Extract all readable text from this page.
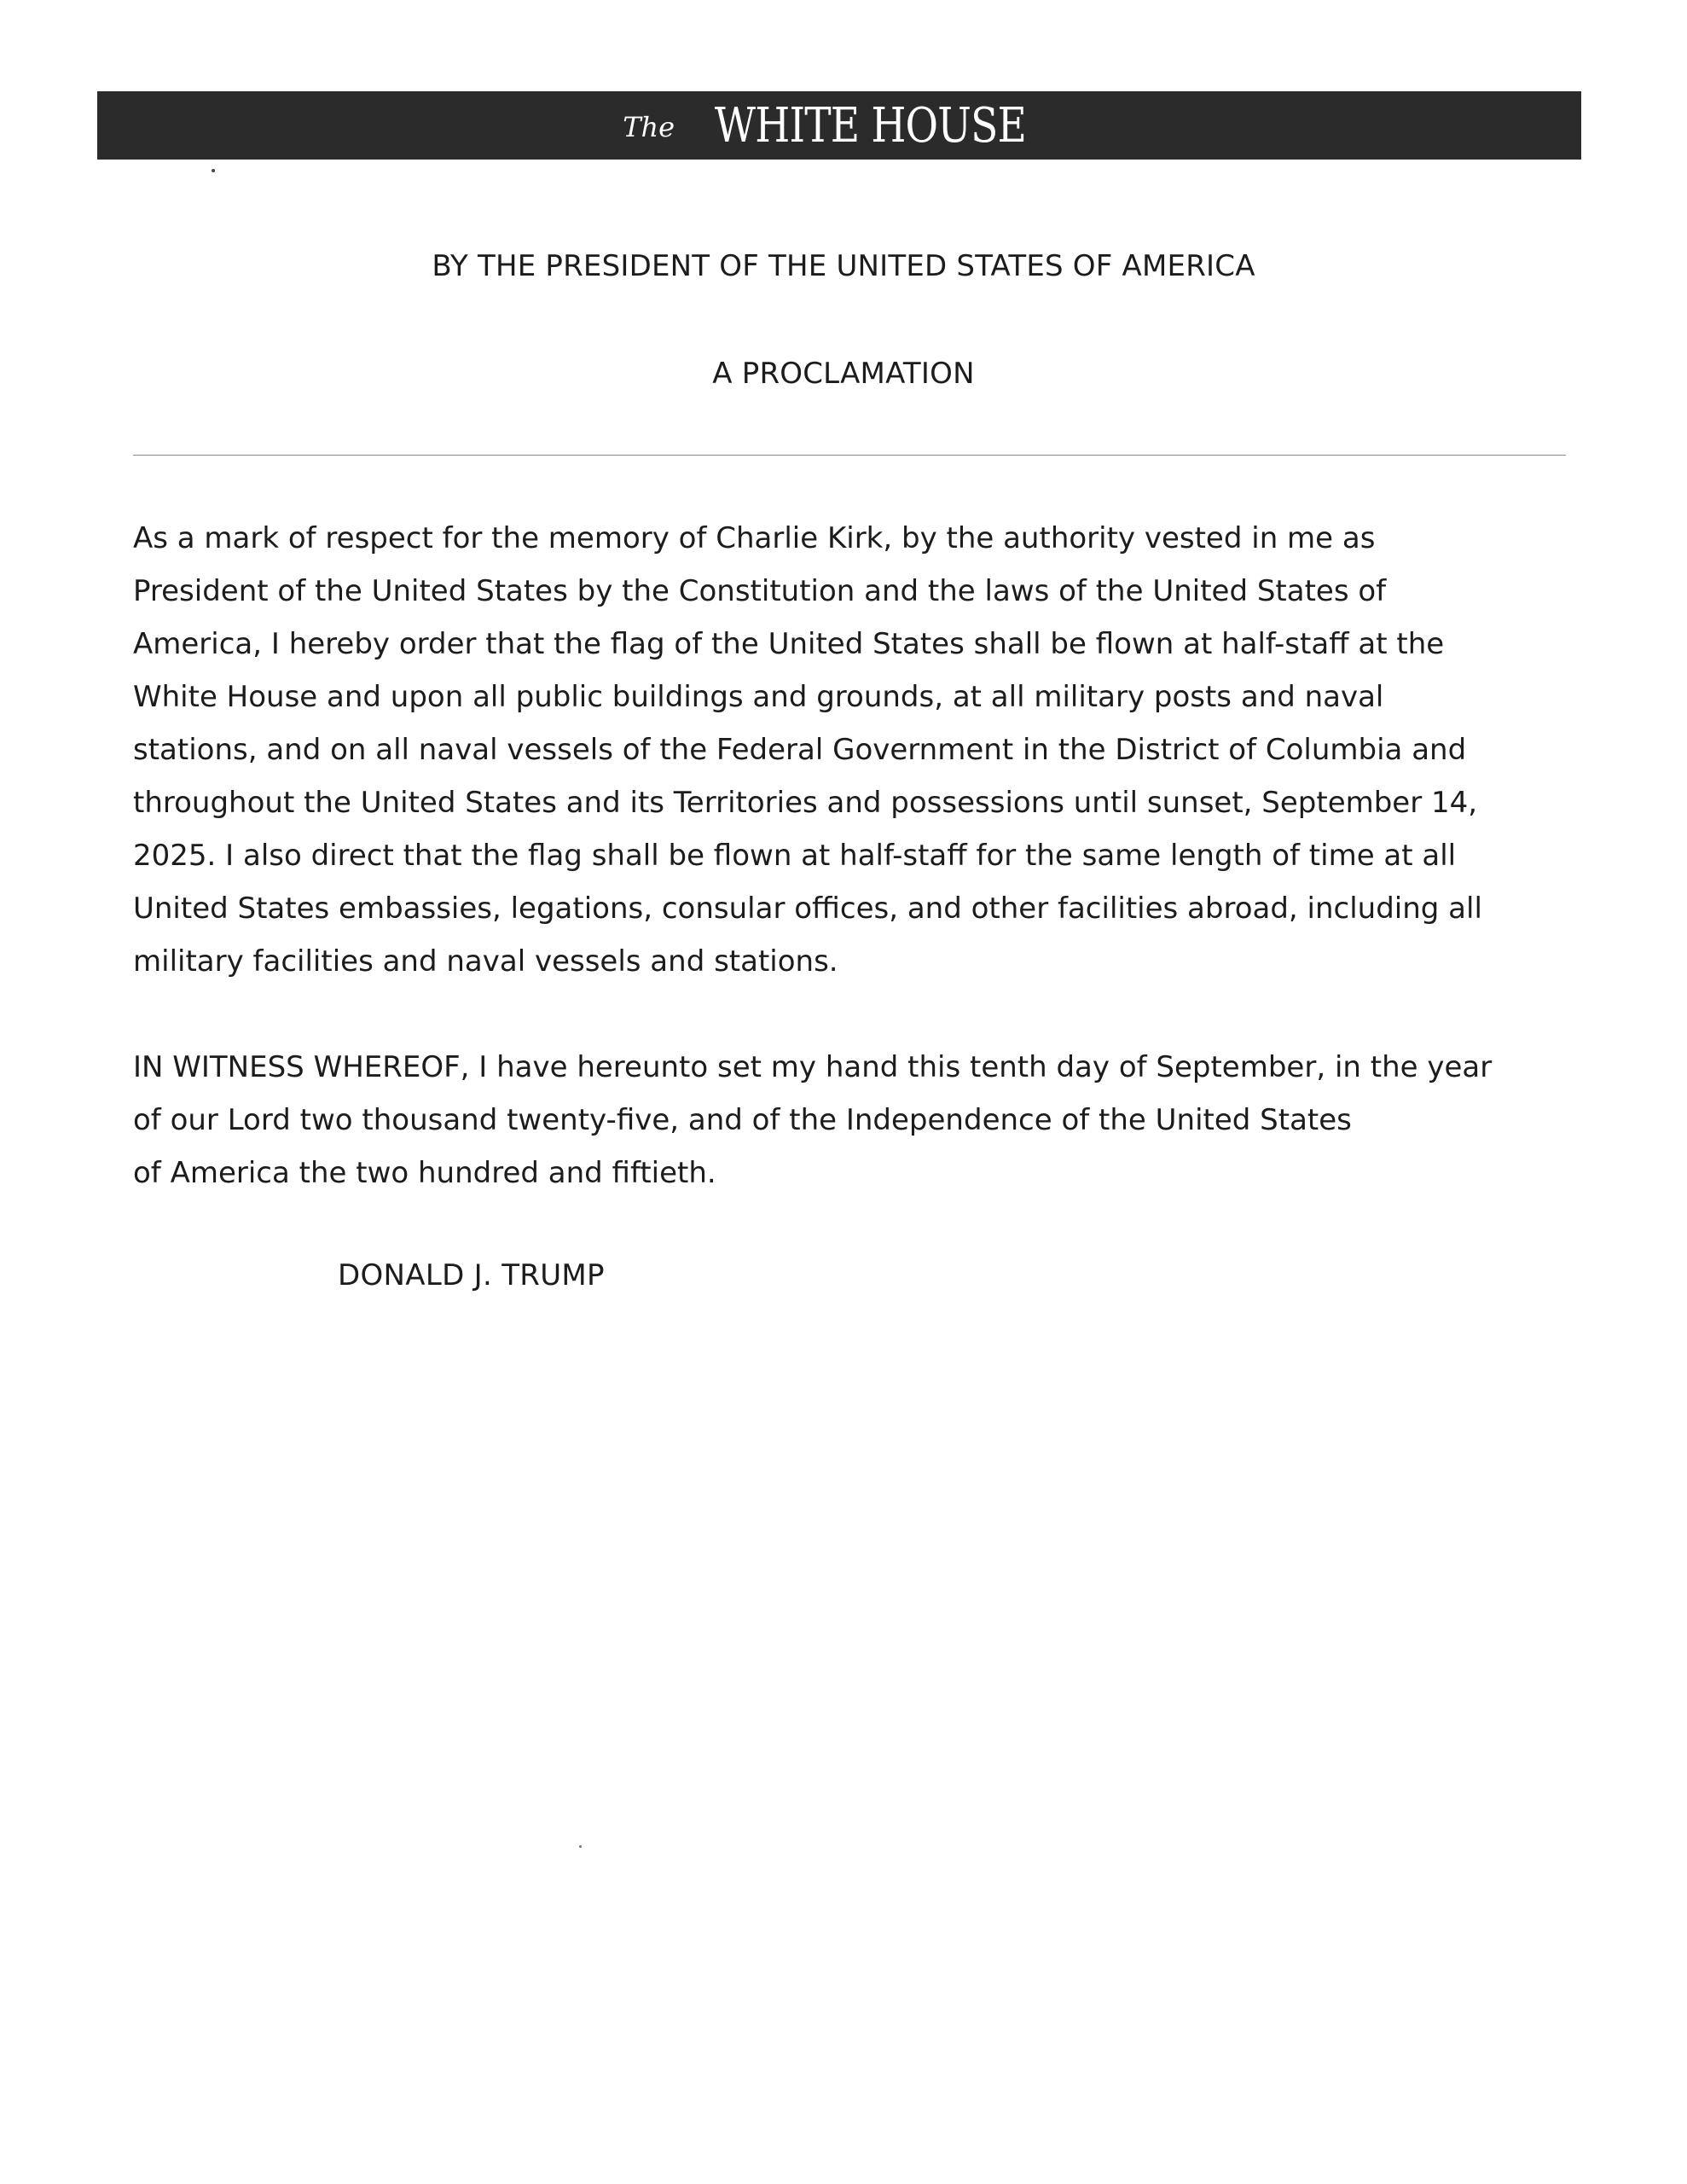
The WHITE HOUSE
BY THE PRESIDENT OF THE UNITED STATES OF AMERICA
A PROCLAMATION
As a mark of respect for the memory of Charlie Kirk, by the authority vested in me as
President of the United States by the Constitution and the laws of the United States of
America, I hereby order that the flag of the United States shall be flown at half-staff at the
White House and upon all public buildings and grounds, at all military posts and naval
stations, and on all naval vessels of the Federal Government in the District of Columbia and
throughout the United States and its Territories and possessions until sunset, September 14,
2025. I also direct that the flag shall be flown at half-staff for the same length of time at all
United States embassies, legations, consular offices, and other facilities abroad, including all
military facilities and naval vessels and stations.
IN WITNESS WHEREOF, I have hereunto set my hand this tenth day of September, in the year
of our Lord two thousand twenty-five, and of the Independence of the United States
of America the two hundred and fiftieth.
DONALD J. TRUMP
